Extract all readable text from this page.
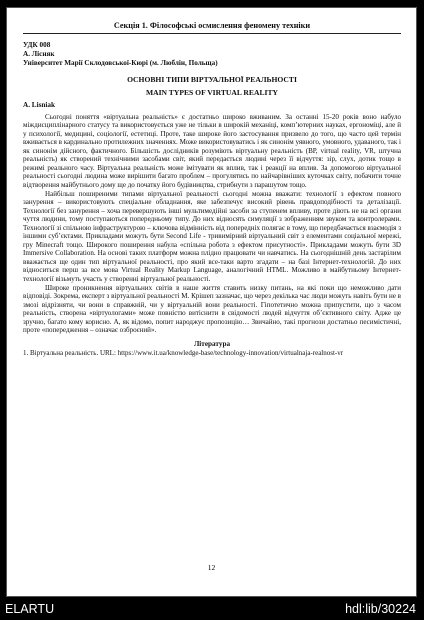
Секція 1. Філософські осмислення феномену техніки
УДК 008
А. Лісняк
Університет Марії Склодовської-Кюрі (м. Люблін, Польща)
ОСНОВНІ ТИПИ ВІРТУАЛЬНОЇ РЕАЛЬНОСТІ
MAIN TYPES OF VIRTUAL REALITY
A. Lisniak

Сьогодні поняття «віртуальна реальність» є достатньо широко вживаним. За останні 15-20 років воно набуло міждисциплінарного статусу та використовується уже не тільки в широкій механіці, комп’ютерних науках, ергономіці, але й у психології, медицині, соціології, естетиці. Проте, таке широке його застосування призвело до того, що часто цей термін вживається в кардинально протилежних значеннях. Може використовуватись і як синонім уявного, умовного, удаваного, так і як синонім дійсного, фактичного. Більшість дослідників розуміють віртуальну реальність (ВР, virtual reality, VR, штучна реальність) як створений технічними засобами світ, який передається людині через її відчуття: зір, слух, дотик тощо в режимі реального часу. Віртуальна реальність може імітувати як вплив, так і реакції на вплив. За допомогою віртуальної реальності сьогодні людина може вирішити багато проблем – прогулятись по найчарівніших куточках світу, побачити точне відтворення майбутнього дому ще до початку його будівництва, стрибнути з парашутом тощо.

Найбільш поширеними типами віртуальної реальності сьогодні можна вважати: технології з ефектом повного занурення – використовують спеціальне обладнання, яке забезпечує високий рівень правдоподібності та деталізації. Технології без занурення – хоча перевершують інші мультимедійні засоби за ступенем впливу, проте діють не на всі органи чуття людини, тому поступаються попередньому типу. До них відносять симуляції з зображенням звуком та контролерами. Технології зі спільною інфраструктурою – ключова відмінність від попередніх полягає в тому, що передбачається взаємодія з іншими суб’єктами. Прикладами можуть бути Second Life - тривимірний віртуальний світ з елементами соціальної мережі, гру Minecraft тощо. Широкого поширення набула «спільна робота з ефектом присутності». Прикладами можуть бути 3D Immersive Collaboration. На основі таких платформ можна плідно працювати чи навчатись. На сьогоднішній день застарілим вважається ще один тип віртуальної реальності, про який все-таки варто згадати – на базі Інтернет-технологій. До них відноситься перш за все мова Virtual Reality Markup Language, аналогічний HTML. Можливо в майбутньому Інтернет-технології візьмуть участь у створенні віртуальної реальності.

Широке проникнення віртуальних світів в наше життя ставить низку питань, на які поки що неможливо дати відповіді. Зокрема, експерт з віртуальної реальності М. Крішеп зазначає, що через декілька час люди можуть навіть бути не в змозі відрізняти, чи вони в справжній, чи у віртуальній вони реальності. Гіпотетично можна припустити, що з часом реальність, створена «віртуологами» може повністю витіснити в свідомості людей відчуття об’єктивного світу. Адже це зручно, багато кому корисно. А, як відомо, попит народжує пропозицію… Звичайно, такі прогнози достатньо песимістичні, проте «попередження – означає озброєний».

Література
1. Віртуальна реальність. URL: https://www.it.ua/knowledge-base/technology-innovation/virtualnaja-realnost-vr
12
ELARTU	hdl:lib/30224
